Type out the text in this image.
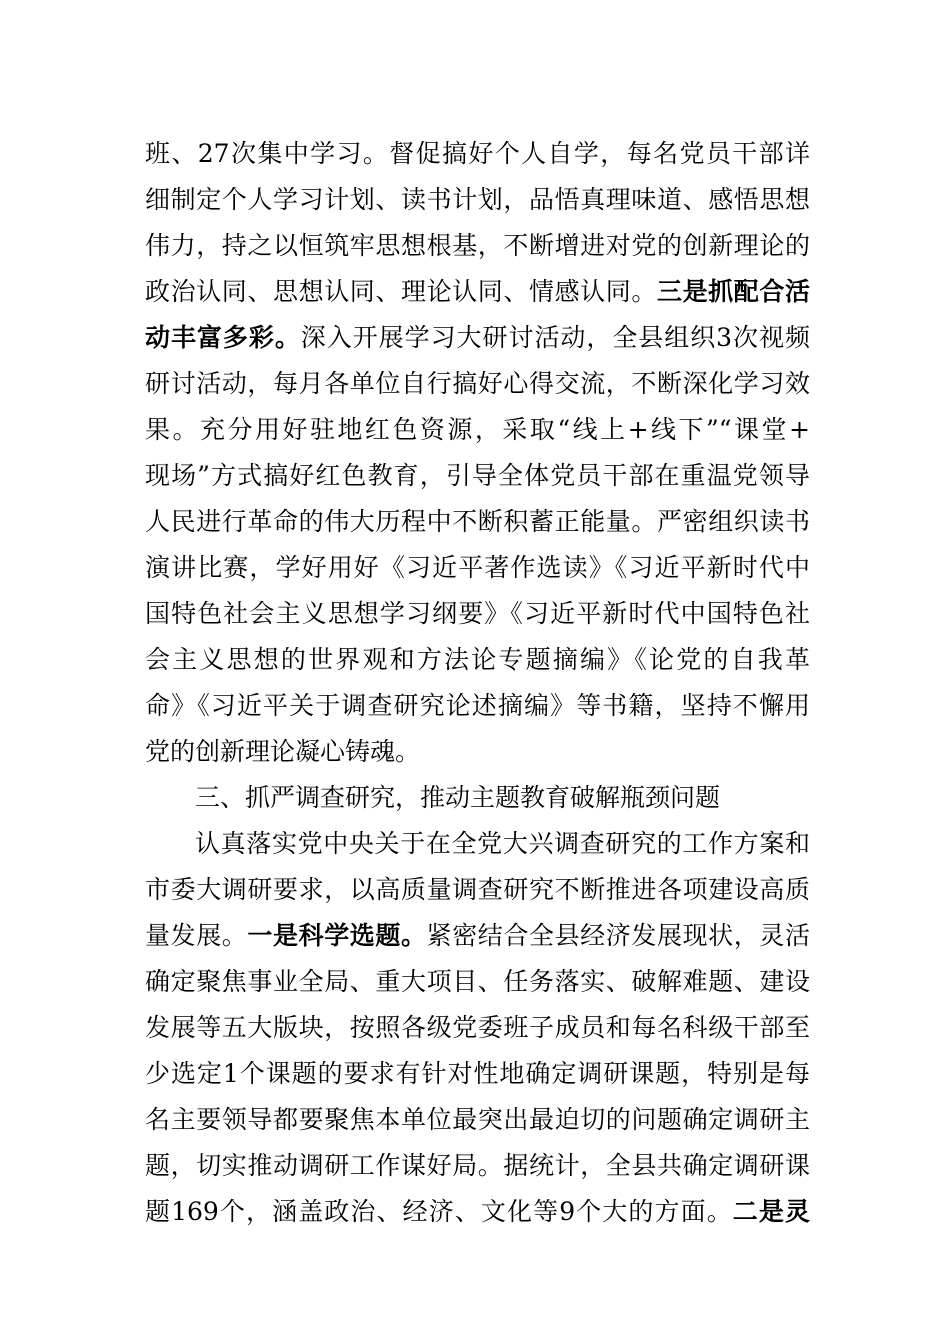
班、27次集中学习。督促搞好个人自学，每名党员干部详
细制定个人学习计划、读书计划，品悟真理味道、感悟思想
伟力，持之以恒筑牢思想根基，不断增进对党的创新理论的
政治认同、思想认同、理论认同、情感认同。三是抓配合活
动丰富多彩。深入开展学习大研讨活动，全县组织3次视频
研讨活动，每月各单位自行搞好心得交流，不断深化学习效
果。充分用好驻地红色资源，采取“线上+线下”“课堂+
现场”方式搞好红色教育，引导全体党员干部在重温党领导
人民进行革命的伟大历程中不断积蓄正能量。严密组织读书
演讲比赛，学好用好《习近平著作选读》《习近平新时代中
国特色社会主义思想学习纲要》《习近平新时代中国特色社
会主义思想的世界观和方法论专题摘编》《论党的自我革
命》《习近平关于调查研究论述摘编》等书籍，坚持不懈用
党的创新理论凝心铸魂。
三、抓严调查研究，推动主题教育破解瓶颈问题
认真落实党中央关于在全党大兴调查研究的工作方案和
市委大调研要求，以高质量调查研究不断推进各项建设高质
量发展。一是科学选题。紧密结合全县经济发展现状，灵活
确定聚焦事业全局、重大项目、任务落实、破解难题、建设
发展等五大版块，按照各级党委班子成员和每名科级干部至
少选定1个课题的要求有针对性地确定调研课题，特别是每
名主要领导都要聚焦本单位最突出最迫切的问题确定调研主
题，切实推动调研工作谋好局。据统计，全县共确定调研课
题169个，涵盖政治、经济、文化等9个大的方面。二是灵
